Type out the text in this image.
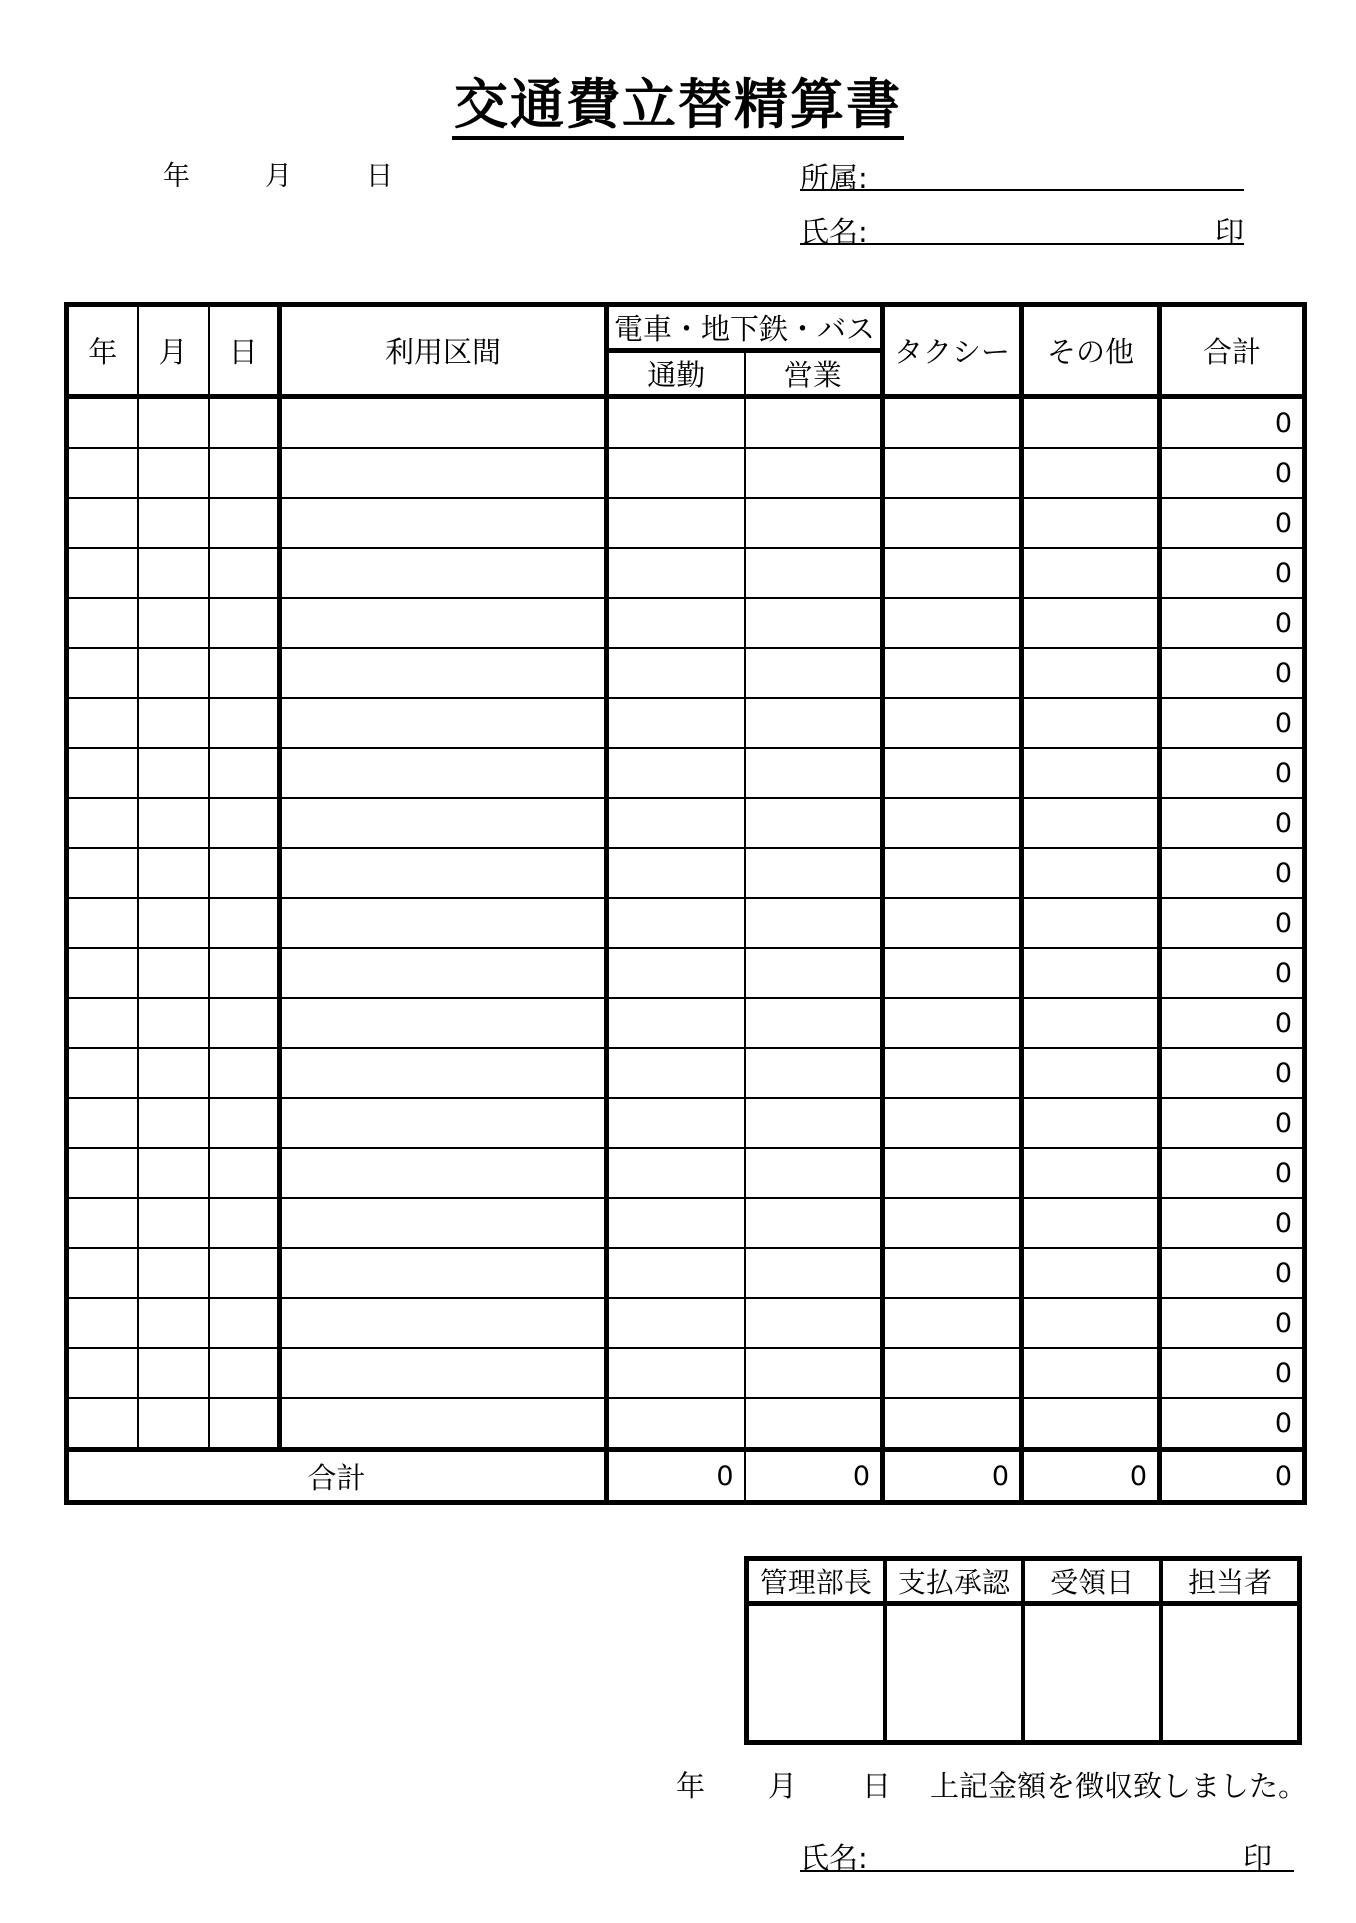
交通費立替精算書
年	月	日	所属:
氏名:	印
年	月	日	利用区間	電車・地下鉄・バス		タクシー	その他	合計
				通勤	営業			
								0
								0
								0
								0
								0
								0
								0
								0
								0
								0
								0
								0
								0
								0
								0
								0
								0
								0
								0
								0
								0
合計				0	0	0	0	0
管理部長	支払承認	受領日	担当者

年 月 日 上記金額を徴収致しました。
氏名:	印
